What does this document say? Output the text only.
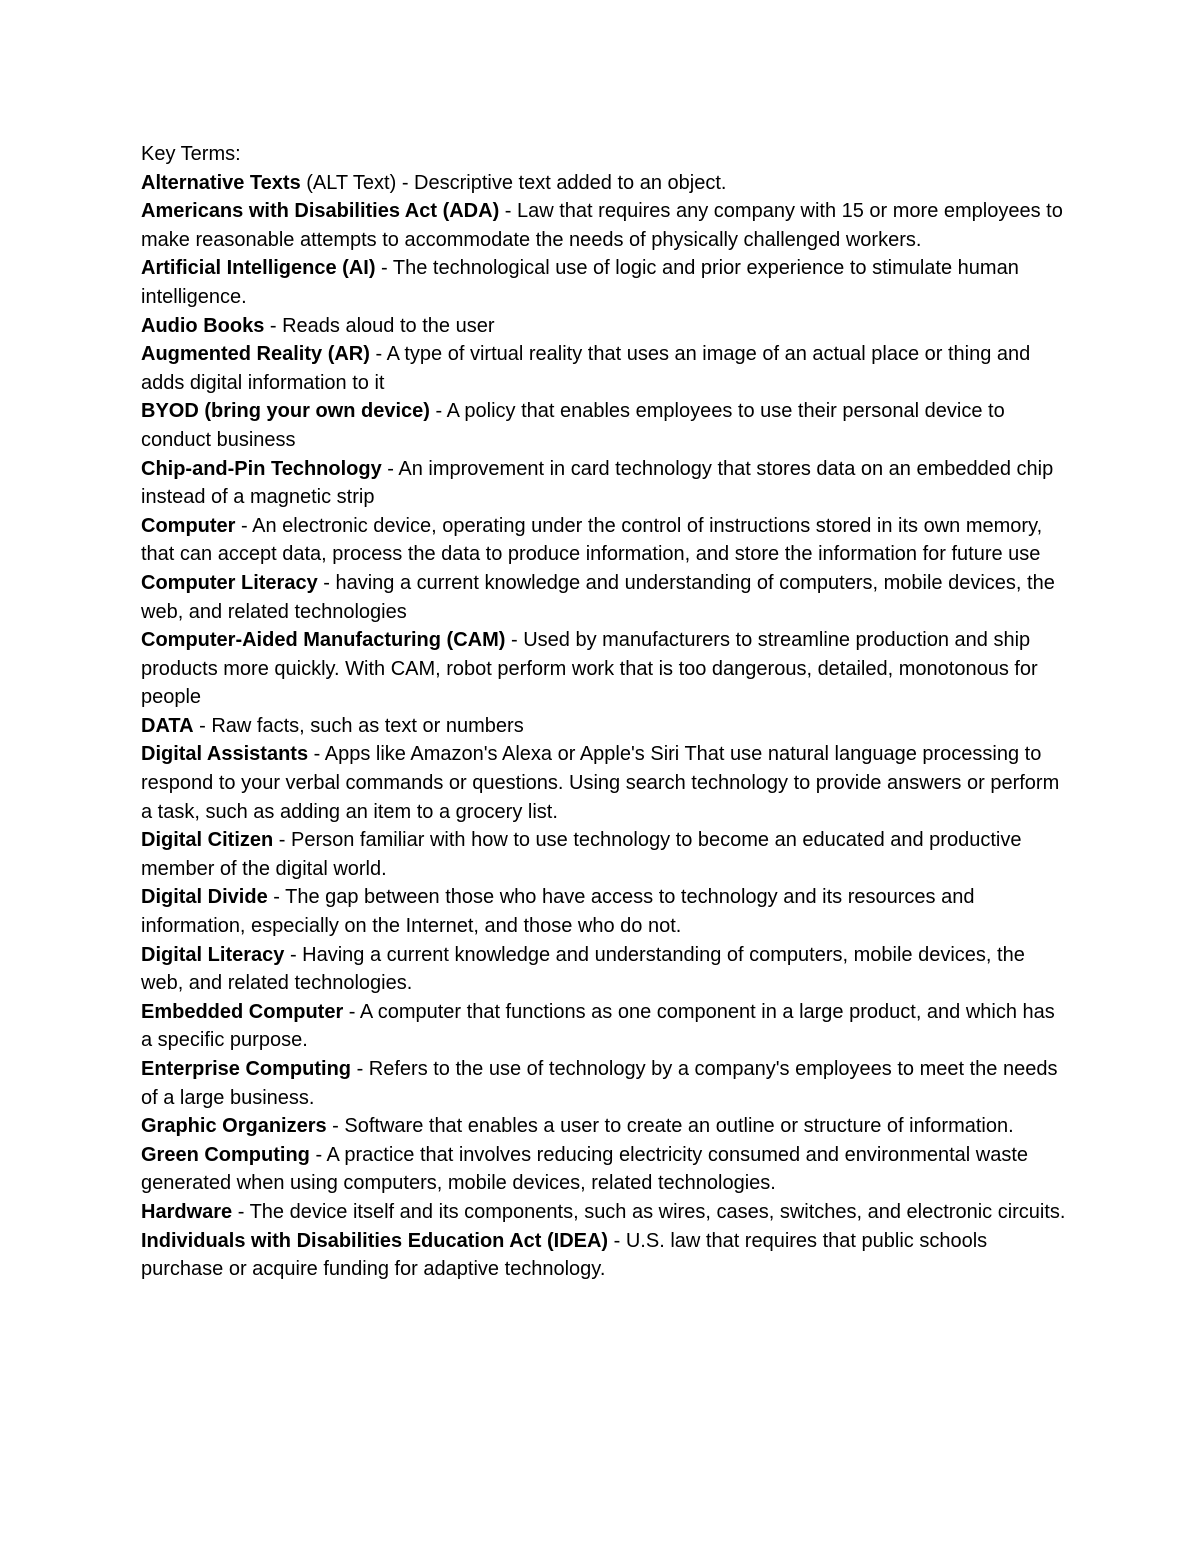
Key Terms:

Alternative Texts (ALT Text) - Descriptive text added to an object.

Americans with Disabilities Act (ADA) - Law that requires any company with 15 or more employees to make reasonable attempts to accommodate the needs of physically challenged workers.

Artificial Intelligence (AI) - The technological use of logic and prior experience to stimulate human intelligence.

Audio Books - Reads aloud to the user

Augmented Reality (AR) - A type of virtual reality that uses an image of an actual place or thing and adds digital information to it

BYOD (bring your own device) - A policy that enables employees to use their personal device to conduct business

Chip-and-Pin Technology - An improvement in card technology that stores data on an embedded chip instead of a magnetic strip

Computer - An electronic device, operating under the control of instructions stored in its own memory, that can accept data, process the data to produce information, and store the information for future use

Computer Literacy - having a current knowledge and understanding of computers, mobile devices, the web, and related technologies

Computer-Aided Manufacturing (CAM) - Used by manufacturers to streamline production and ship products more quickly. With CAM, robot perform work that is too dangerous, detailed, monotonous for people

DATA - Raw facts, such as text or numbers

Digital Assistants - Apps like Amazon's Alexa or Apple's Siri That use natural language processing to respond to your verbal commands or questions. Using search technology to provide answers or perform a task, such as adding an item to a grocery list.

Digital Citizen - Person familiar with how to use technology to become an educated and productive member of the digital world.

Digital Divide - The gap between those who have access to technology and its resources and information, especially on the Internet, and those who do not.

Digital Literacy - Having a current knowledge and understanding of computers, mobile devices, the web, and related technologies.

Embedded Computer - A computer that functions as one component in a large product, and which has a specific purpose.

Enterprise Computing - Refers to the use of technology by a company's employees to meet the needs of a large business.

Graphic Organizers - Software that enables a user to create an outline or structure of information.

Green Computing - A practice that involves reducing electricity consumed and environmental waste generated when using computers, mobile devices, related technologies.

Hardware - The device itself and its components, such as wires, cases, switches, and electronic circuits.

Individuals with Disabilities Education Act (IDEA) - U.S. law that requires that public schools purchase or acquire funding for adaptive technology.
